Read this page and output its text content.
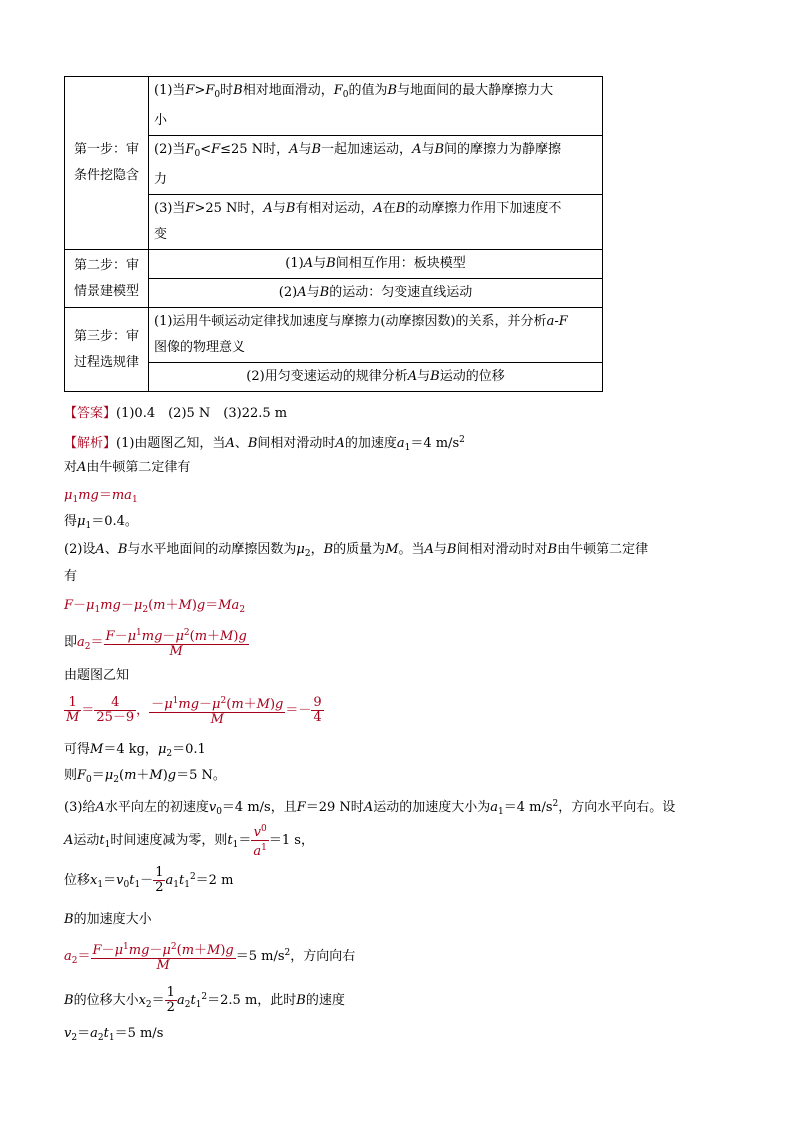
第一步：审
条件挖隐含	(1)当$F>F_0$时B相对地面滑动，$F_0$的值为B与地面间的最大静摩擦力大
小
	(2)当$F_0<F\le 25$ N时，A与B一起加速运动，A与B间的摩擦力为静摩擦
力
	(3)当F>25 N时，A与B有相对运动，A在B的动摩擦力作用下加速度不
变
第二步：审
情景建模型	(1)A与B间相互作用：板块模型
	(2)A与B的运动：匀变速直线运动
第三步：审
过程选规律	(1)运用牛顿运动定律找加速度与摩擦力(动摩擦因数)的关系，并分析a-F
图像的物理意义
	(2)用匀变速运动的规律分析A与B运动的位移
【答案】(1)0.4　(2)5 N　(3)22.5 m
【解析】(1)由题图乙知，当A、B间相对滑动时A的加速度$a_1=4$ $m/s^2$
对A由牛顿第二定律有
$\mu_1mg=ma_1$
得$\mu_1=0.4$。
(2)设A、B与水平地面间的动摩擦因数为$\mu_2$，B的质量为M。当A与B间相对滑动时对B由牛顿第二定律
有
$F-\mu_1mg-\mu_2(m+M)g=Ma_2$
即$a_2= \frac{F-\mu^1mg-\mu^2(m+M)g}{M}$
由题图乙知
$\frac{1}{M} = \frac{4}{25-9}$ ， $\frac{-\mu^1mg-\mu^2(m+M)g}{M} =- \frac{9}{4}$
可得M＝4 kg，$\mu_2=0.1$
则$F_0=\mu_2(m+M)g=5$ N。
(3)给A水平向左的初速度$v_0=4$ m/s，且F＝29 N时A运动的加速度大小为$a_1=4$ $m/s^2$，方向水平向右。设
A运动$t_1$时间速度减为零，则$t_1= \frac{v^0}{a^1} =1$ s，
位移$x_1=v_0t_1- \frac{1}{2} a_1t_1^2=2$ m
B的加速度大小
$a_2= \frac{F-\mu^1mg-\mu^2(m+M)g}{M} =5$ $m/s^2$，方向向右
B的位移大小$x_2= \frac{1}{2} a_2t_1^2=2.5$ m，此时B的速度
$v_2=a_2t_1=5$ m/s
